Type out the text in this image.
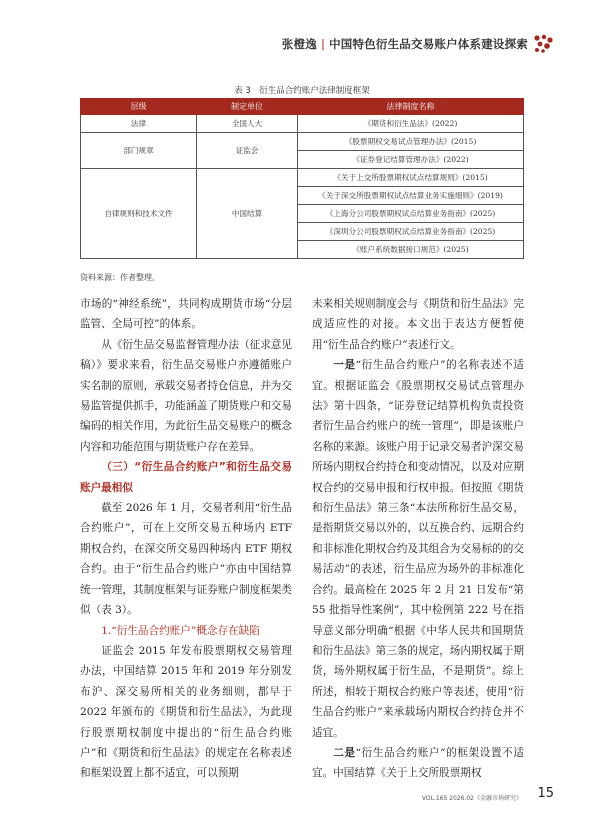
张橙逸 | 中国特色衍生品交易账户体系建设探索
表 3　衍生品合约账户法律制度框架
层级	制定单位	法律制度名称
法律	全国人大	《期货和衍生品法》(2022)
部门规章	证监会	《股票期权交易试点管理办法》(2015)
		《证券登记结算管理办法》(2022)
自律规则和技术文件	中国结算	《关于上交所股票期权试点结算规则》(2015)
		《关于深交所股票期权试点结算业务实施细则》(2019)
		《上海分公司股票期权试点结算业务指南》(2025)
		《深圳分公司股票期权试点结算业务指南》(2025)
		《账户系统数据接口规范》(2025)
资料来源：作者整理。

市场的“神经系统”，共同构成期货市场“分层监管、全局可控”的体系。

从《衍生品交易监督管理办法（征求意见稿）》要求来看，衍生品交易账户亦遵循账户实名制的原则，承载交易者持仓信息，并为交易监管提供抓手，功能涵盖了期货账户和交易编码的相关作用，为此衍生品交易账户的概念内容和功能范围与期货账户存在差异。

（三）“衍生品合约账户”和衍生品交易账户最相似

截至 2026 年 1 月，交易者利用“衍生品合约账户”，可在上交所交易五种场内 ETF 期权合约，在深交所交易四种场内 ETF 期权合约。由于“衍生品合约账户”亦由中国结算统一管理，其制度框架与证券账户制度框架类似（表 3）。

1.“衍生品合约账户”概念存在缺陷

证监会 2015 年发布股票期权交易管理办法，中国结算 2015 年和 2019 年分别发布沪、深交易所相关的业务细则，都早于 2022 年颁布的《期货和衍生品法》，为此现行股票期权制度中提出的“衍生品合约账户”和《期货和衍生品法》的规定在名称表述和框架设置上都不适宜，可以预期

未来相关规则制度会与《期货和衍生品法》完成适应性的对接。本文出于表达方便暂使用“衍生品合约账户”表述行文。

一是“衍生品合约账户”的名称表述不适宜。根据证监会《股票期权交易试点管理办法》第十四条，“证券登记结算机构负责投资者衍生品合约账户的统一管理”，即是该账户名称的来源。该账户用于记录交易者沪深交易所场内期权合约持仓和变动情况，以及对应期权合约的交易申报和行权申报。但按照《期货和衍生品法》第三条“本法所称衍生品交易，是指期货交易以外的，以互换合约、远期合约和非标准化期权合约及其组合为交易标的的交易活动”的表述，衍生品应为场外的非标准化合约。最高检在 2025 年 2 月 21 日发布“第 55 批指导性案例”，其中检例第 222 号在指导意义部分明确“根据《中华人民共和国期货和衍生品法》第三条的规定，场内期权属于期货，场外期权属于衍生品，不是期货”。综上所述，相较于期权合约账户等表述，使用“衍生品合约账户”来承载场内期权合约持仓并不适宜。

二是“衍生品合约账户”的框架设置不适宜。中国结算《关于上交所股票期权

VOL.165 2026.02《金融市场研究》 15
